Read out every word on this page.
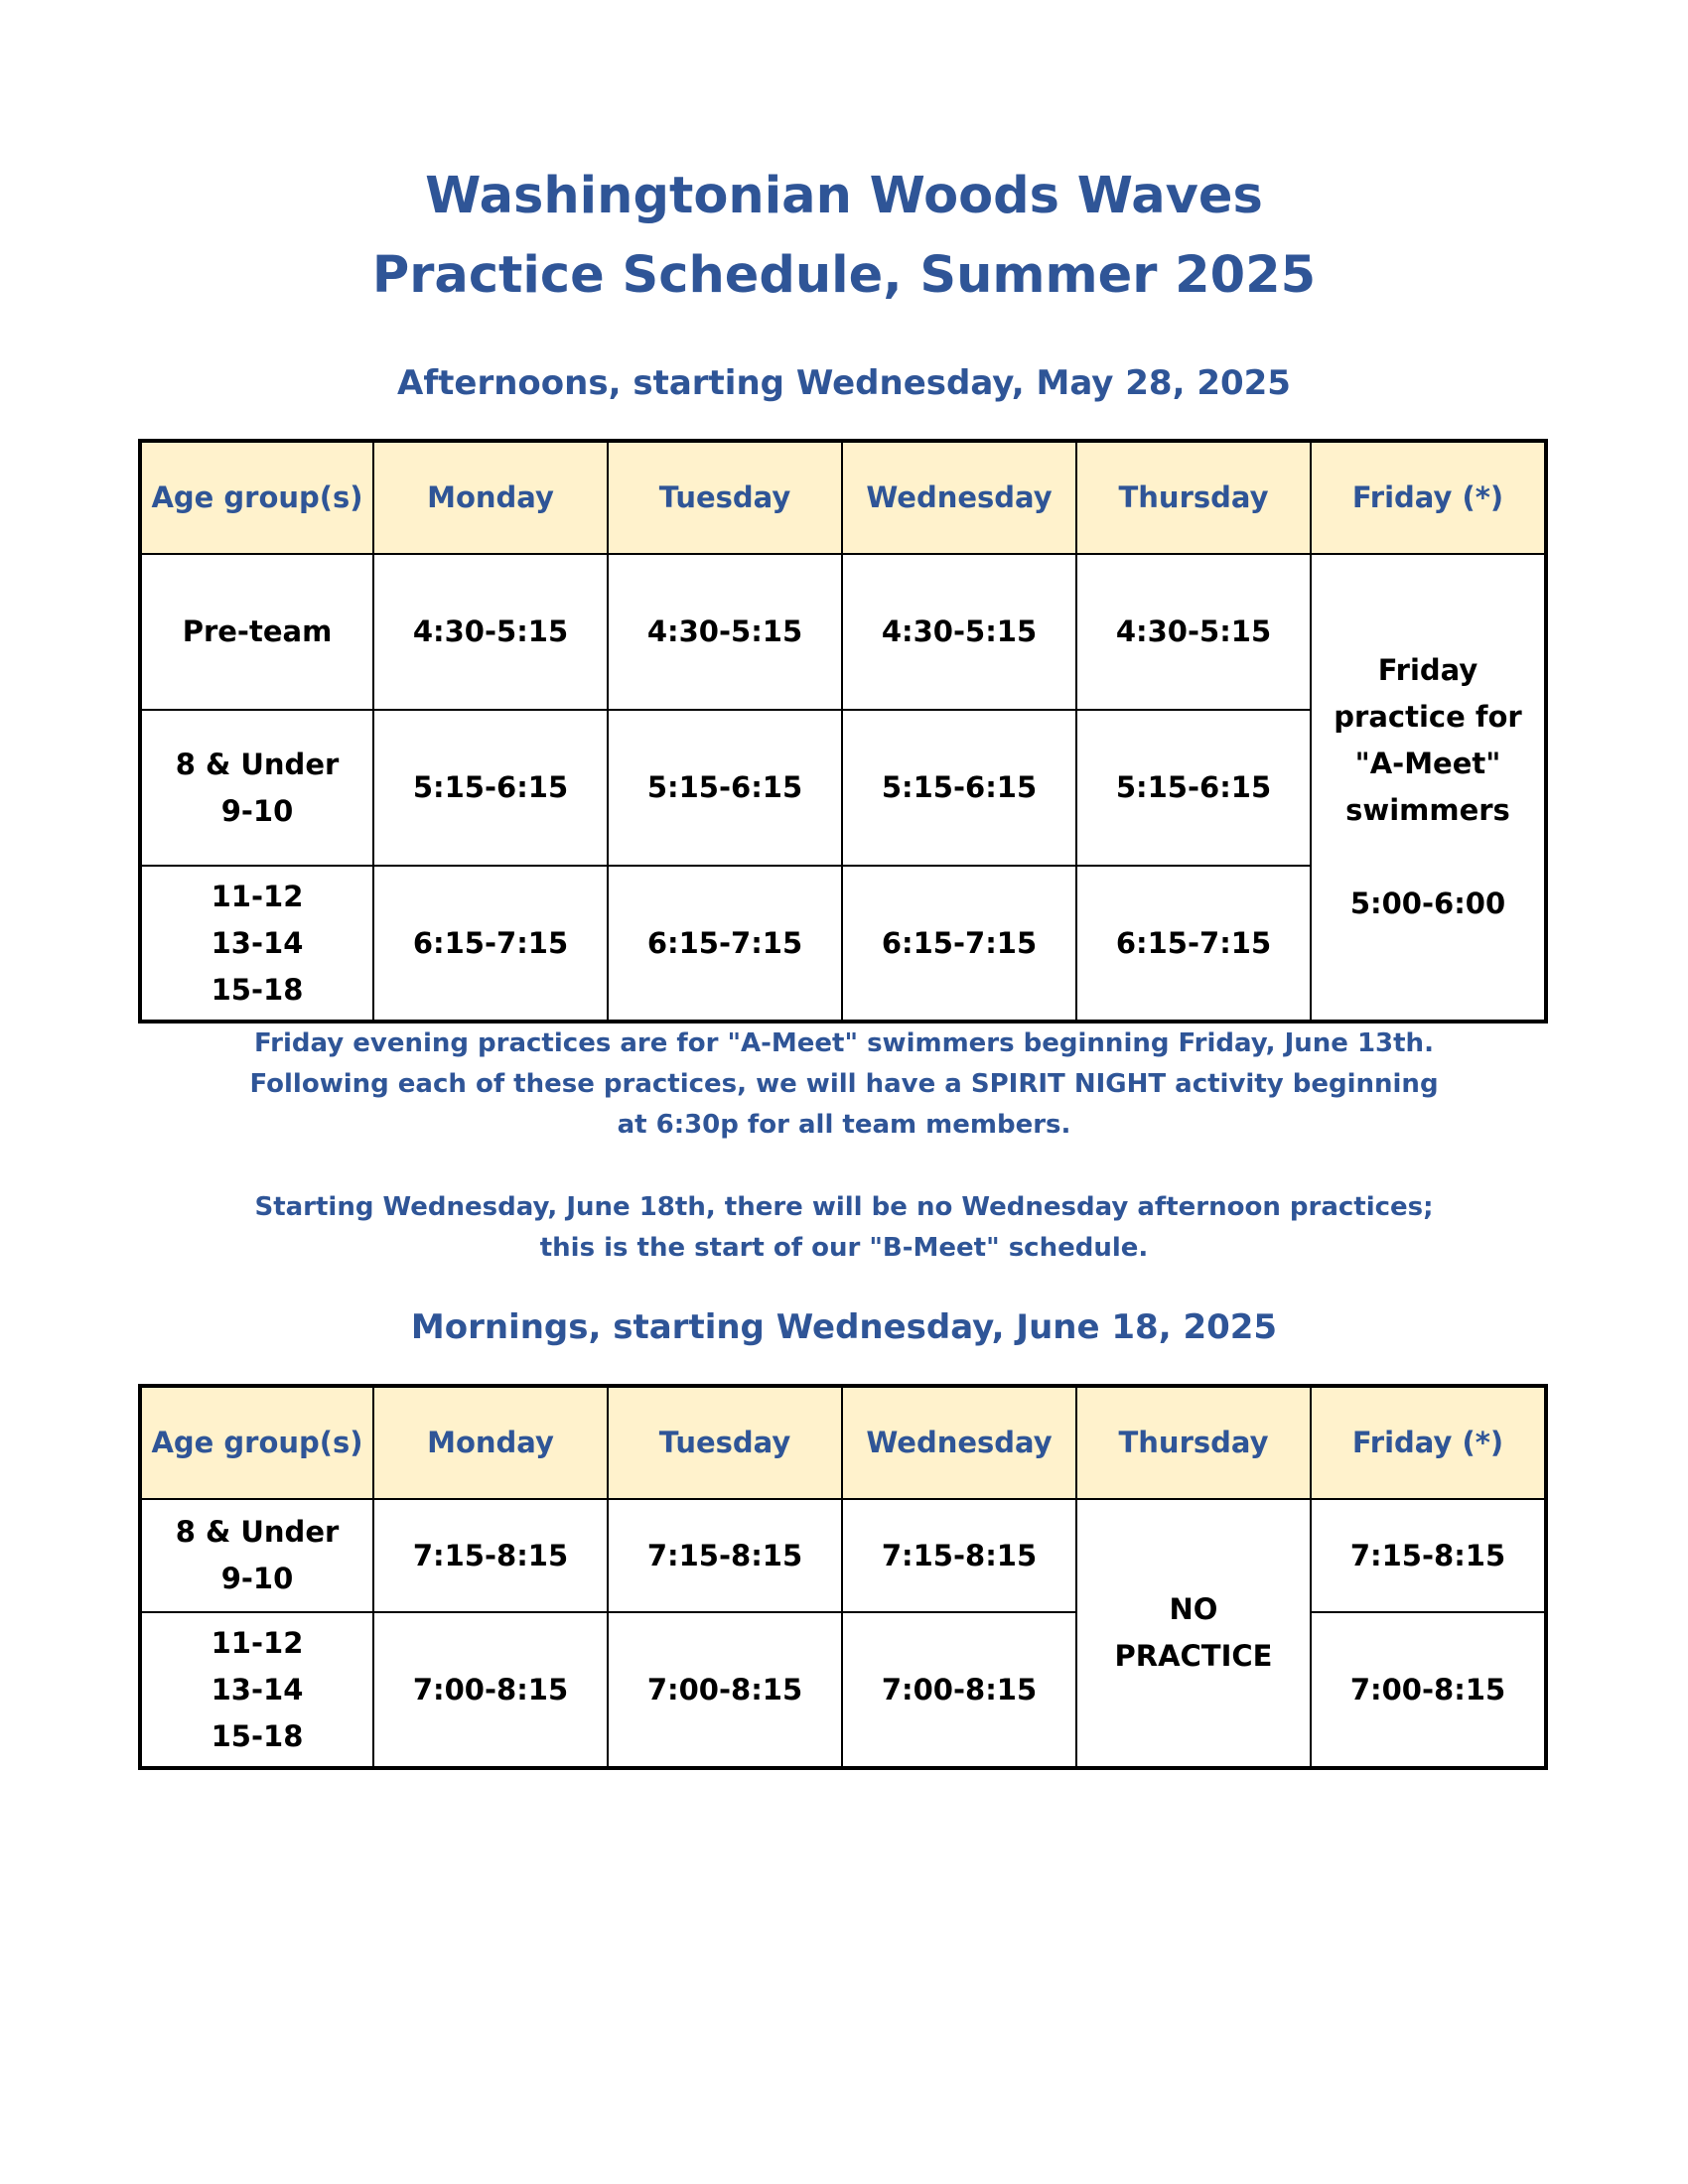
Washingtonian Woods Waves
Practice Schedule, Summer 2025
Afternoons, starting Wednesday, May 28, 2025
Age group(s)	Monday	Tuesday	Wednesday	Thursday	Friday (*)

Pre-team	4:30-5:15	4:30-5:15	4:30-5:15	4:30-5:15	Friday
practice for
"A-Meet"
swimmers
5:00-6:00

8 & Under
9-10	5:15-6:15	5:15-6:15	5:15-6:15	5:15-6:15	

11-12
13-14
15-18	6:15-7:15	6:15-7:15	6:15-7:15	6:15-7:15	
Friday evening practices are for "A-Meet" swimmers beginning Friday, June 13th.
Following each of these practices, we will have a SPIRIT NIGHT activity beginning
at 6:30p for all team members.
Starting Wednesday, June 18th, there will be no Wednesday afternoon practices;
this is the start of our "B-Meet" schedule.
Mornings, starting Wednesday, June 18, 2025
Age group(s)	Monday	Tuesday	Wednesday	Thursday	Friday (*)

8 & Under
9-10	7:15-8:15	7:15-8:15	7:15-8:15	NO
PRACTICE	7:15-8:15

11-12
13-14
15-18	7:00-8:15	7:00-8:15	7:00-8:15		7:00-8:15
